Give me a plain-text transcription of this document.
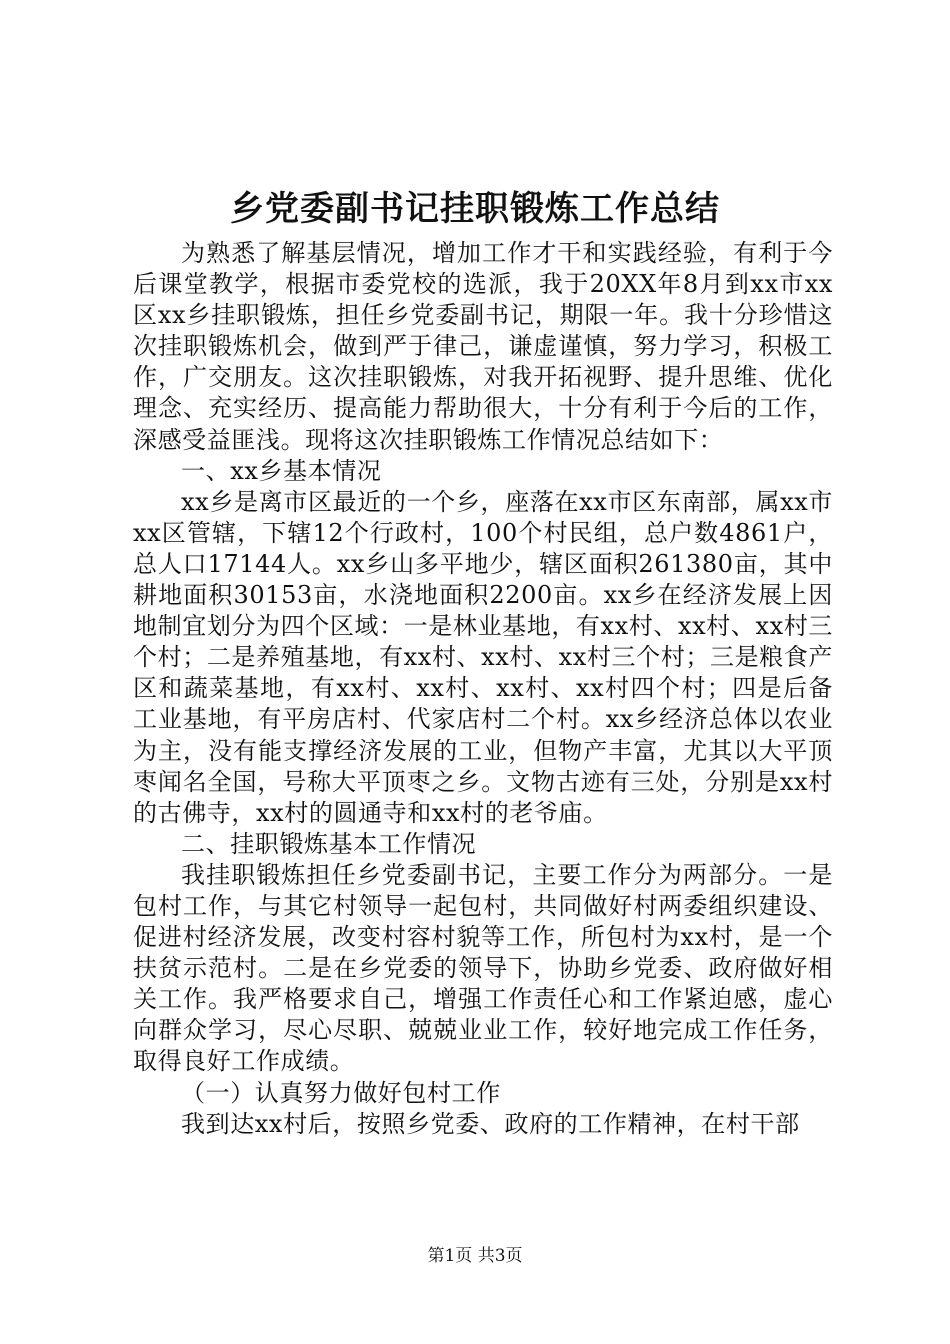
乡党委副书记挂职锻炼工作总结

为熟悉了解基层情况，增加工作才干和实践经验，有利于今后课堂教学，根据市委党校的选派，我于20XX年8月到xx市xx区xx乡挂职锻炼，担任乡党委副书记，期限一年。我十分珍惜这次挂职锻炼机会，做到严于律己，谦虚谨慎，努力学习，积极工作，广交朋友。这次挂职锻炼，对我开拓视野、提升思维、优化理念、充实经历、提高能力帮助很大，十分有利于今后的工作，深感受益匪浅。现将这次挂职锻炼工作情况总结如下：

一、xx乡基本情况

xx乡是离市区最近的一个乡，座落在xx市区东南部，属xx市xx区管辖，下辖12个行政村，100个村民组，总户数4861户，总人口17144人。xx乡山多平地少，辖区面积261380亩，其中耕地面积30153亩，水浇地面积2200亩。xx乡在经济发展上因地制宜划分为四个区域：一是林业基地，有xx村、xx村、xx村三个村；二是养殖基地，有xx村、xx村、xx村三个村；三是粮食产区和蔬菜基地，有xx村、xx村、xx村、xx村四个村；四是后备工业基地，有平房店村、代家店村二个村。xx乡经济总体以农业为主，没有能支撑经济发展的工业，但物产丰富，尤其以大平顶枣闻名全国，号称大平顶枣之乡。文物古迹有三处，分别是xx村的古佛寺，xx村的圆通寺和xx村的老爷庙。

二、挂职锻炼基本工作情况

我挂职锻炼担任乡党委副书记，主要工作分为两部分。一是包村工作，与其它村领导一起包村，共同做好村两委组织建设、促进村经济发展，改变村容村貌等工作，所包村为xx村，是一个扶贫示范村。二是在乡党委的领导下，协助乡党委、政府做好相关工作。我严格要求自己，增强工作责任心和工作紧迫感，虚心向群众学习，尽心尽职、兢兢业业工作，较好地完成工作任务，取得良好工作成绩。

（一）认真努力做好包村工作

我到达xx村后，按照乡党委、政府的工作精神，在村干部

第1页 共3页
